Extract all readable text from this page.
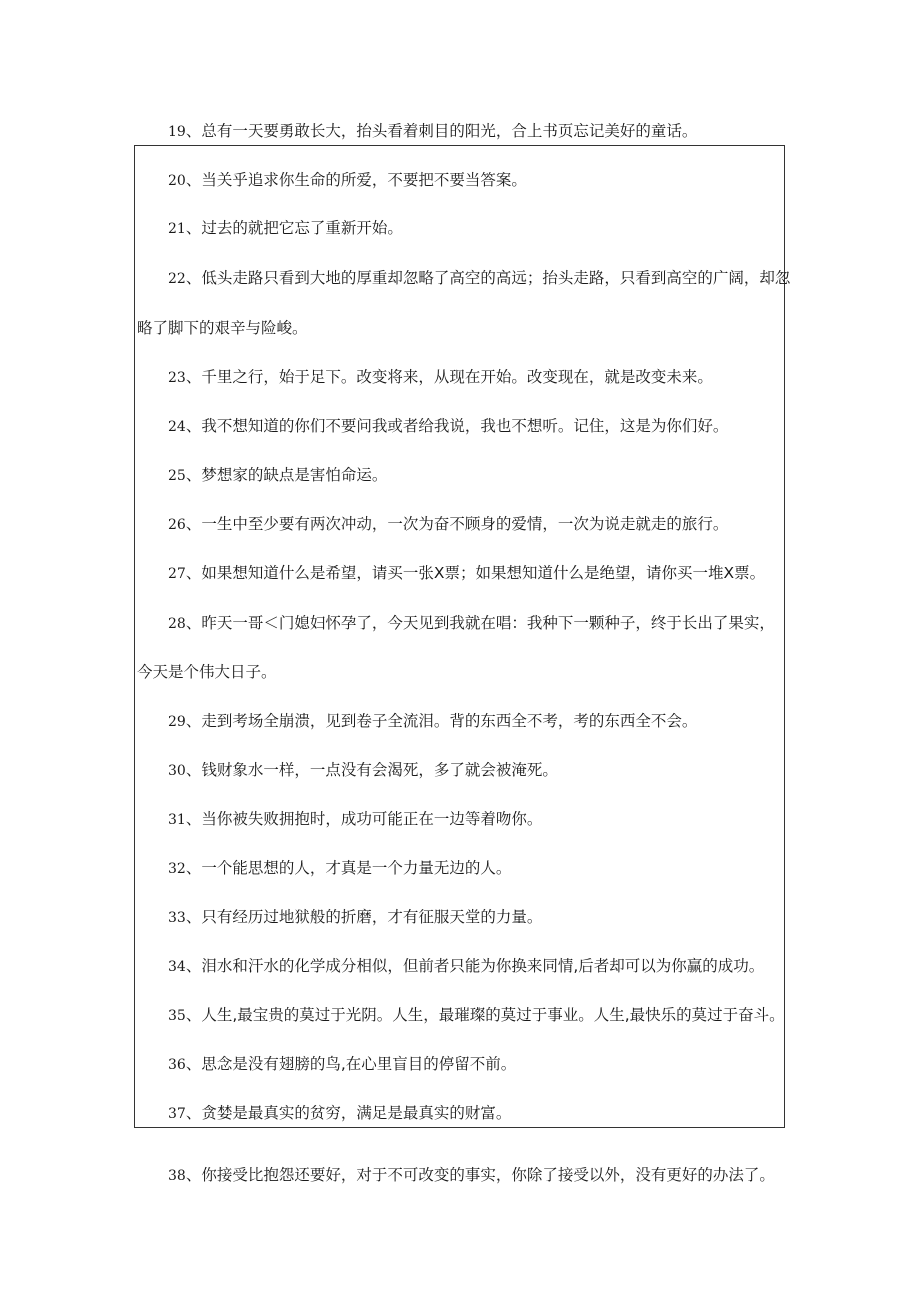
19、总有一天要勇敢长大，抬头看着刺目的阳光，合上书页忘记美好的童话。
20、当关乎追求你生命的所爱，不要把不要当答案。
21、过去的就把它忘了重新开始。
22、低头走路只看到大地的厚重却忽略了高空的高远；抬头走路，只看到高空的广阔，却忽
略了脚下的艰辛与险峻。
23、千里之行，始于足下。改变将来，从现在开始。改变现在，就是改变未来。
24、我不想知道的你们不要问我或者给我说，我也不想听。记住，这是为你们好。
25、梦想家的缺点是害怕命运。
26、一生中至少要有两次冲动，一次为奋不顾身的爱情，一次为说走就走的旅行。
27、如果想知道什么是希望，请买一张X票；如果想知道什么是绝望，请你买一堆X票。
28、昨天一哥＜门媳妇怀孕了，今天见到我就在唱：我种下一颗种子，终于长出了果实，
今天是个伟大日子。
29、走到考场全崩溃，见到卷子全流泪。背的东西全不考，考的东西全不会。
30、钱财象水一样，一点没有会渴死，多了就会被淹死。
31、当你被失败拥抱时，成功可能正在一边等着吻你。
32、一个能思想的人，才真是一个力量无边的人。
33、只有经历过地狱般的折磨，才有征服天堂的力量。
34、泪水和汗水的化学成分相似，但前者只能为你换来同情,后者却可以为你赢的成功。
35、人生,最宝贵的莫过于光阴。人生，最璀璨的莫过于事业。人生,最快乐的莫过于奋斗。
36、思念是没有翅膀的鸟,在心里盲目的停留不前。
37、贪婪是最真实的贫穷，满足是最真实的财富。
38、你接受比抱怨还要好，对于不可改变的事实，你除了接受以外，没有更好的办法了。
